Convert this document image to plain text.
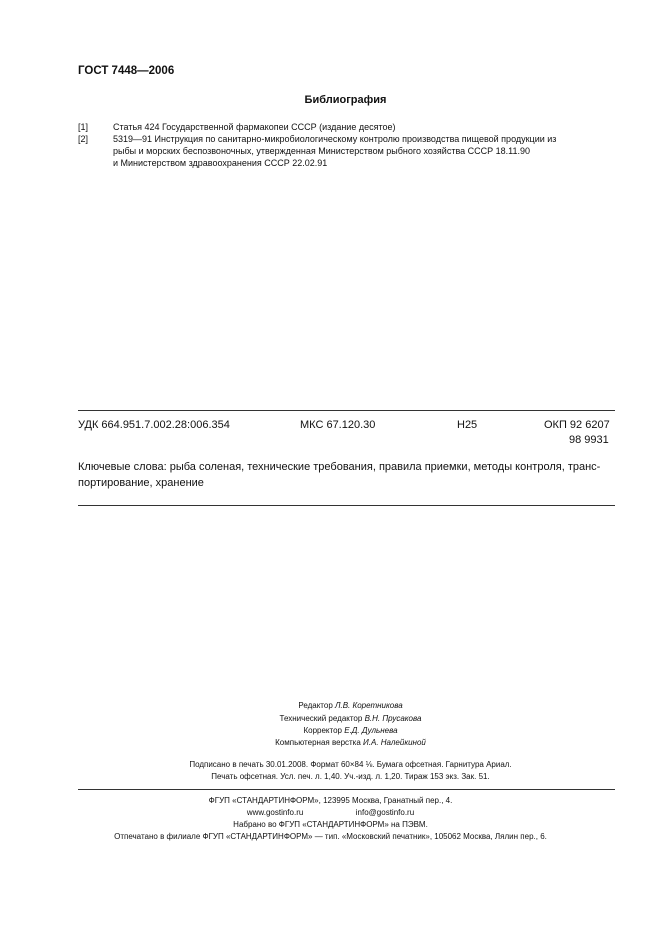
ГОСТ 7448—2006
Библиография
[1]	Статья 424 Государственной фармакопеи СССР (издание десятое)
[2]	5319—91 Инструкция по санитарно-микробиологическому контролю производства пищевой продукции из
рыбы и морских беспозвоночных, утвержденная Министерством рыбного хозяйства СССР 18.11.90
и Министерством здравоохранения СССР 22.02.91
УДК 664.951.7.002.28:006.354	МКС 67.120.30	Н25	ОКП 92 6207
98 9931
Ключевые слова: рыба соленая, технические требования, правила приемки, методы контроля, транс-
портирование, хранение
Редактор Л.В. Коретникова
Технический редактор В.Н. Прусакова
Корректор Е.Д. Дульнева
Компьютерная верстка И.А. Налейкиной
Подписано в печать 30.01.2008. Формат 60×84 ⅛. Бумага офсетная. Гарнитура Ариал.
Печать офсетная. Усл. печ. л. 1,40. Уч.-изд. л. 1,20. Тираж 153 экз. Зак. 51.
ФГУП «СТАНДАРТИНФОРМ», 123995 Москва, Гранатный пер., 4.
www.gostinfo.ru	info@gostinfo.ru
Набрано во ФГУП «СТАНДАРТИНФОРМ» на ПЭВМ.
Отпечатано в филиале ФГУП «СТАНДАРТИНФОРМ» — тип. «Московский печатник», 105062 Москва, Лялин пер., 6.
